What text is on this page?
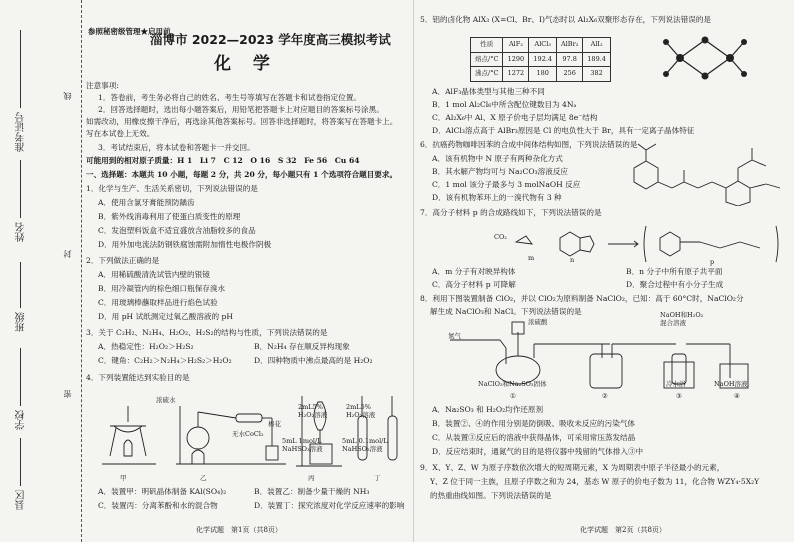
准考证号
姓名
班级
学校
县区
线
封
密
参照秘密级管理★启用前
淄博市 2022—2023 学年度高三模拟考试
化 学
注意事项:
1．答卷前，考生务必将自己的姓名、考生号等填写在答题卡和试卷指定位置。
2．回答选择题时，选出每小题答案后，用铅笔把答题卡上对应题目的答案标号涂黑。
如需改动，用橡皮擦干净后，再选涂其他答案标号。回答非选择题时，将答案写在答题卡上。
写在本试卷上无效。
3．考试结束后，将本试卷和答题卡一并交回。
可能用到的相对原子质量：H 1　Li 7　C 12　O 16　S 32　Fe 56　Cu 64
一、选择题：本题共 10 小题，每题 2 分，共 20 分，每小题只有 1 个选项符合题目要求。
1．化学与生产、生活关系密切，下列说法错误的是
A．使用含氯牙膏能预防龋齿
B．紫外线消毒利用了使蛋白质变性的原理
C．发泡塑料饭盒不适宜盛放含油脂较多的食品
D．用外加电流法防钢铁腐蚀需附加惰性电极作阴极
2．下列做法正确的是
A．用稀硫酸清洗试管内壁的银镜
B．用冷凝管内的棕色细口瓶保存溴水
C．用玻璃棒蘸取样品进行焰色试验
D．用 pH 试纸测定过氧乙酸溶液的 pH
3．关于 C₂H₂、N₂H₄、H₂O₂、H₂S₂的结构与性质，下列说法错误的是
A．热稳定性：H₂O₂＞H₂S₂	B．N₂H₄ 存在顺反异构现象
C．键角：C₂H₂＞N₂H₄＞H₂S₂＞H₂O₂	D．四种物质中沸点最高的是 H₂O₂
4．下列装置能达到实验目的是
浓硫水
棉花
无水CoCl₂
2mL5%
H₂O₂溶液
2mL5%
H₂O₂溶液
5mL 1mol/L
NaHSO₃溶液
5mL 0.1mol/L
NaHSO₃溶液
甲	乙	丙	丁
A．装置甲：明矾晶体制备 KAl(SO₄)₂	B．装置乙：制备少量干燥的 NH₃
C．装置丙：分离苯酚和水的混合物	D．装置丁：探究浓度对化学反应速率的影响
化学试题　第1页（共8页）
5．铝的卤化物 AlX₃ (X=Cl、Br、I)气态时以 Al₂X₆双聚形态存在，下列说法错误的是
性质	AlF₃	AlCl₃	AlBr₃	AlI₃
熔点/°C	1290	192.4	97.8	189.4
沸点/°C	1272	180	256	382
A．AlF₃晶体类型与其他三种不同
B．1 mol Al₂Cl₆中所含配位键数目为 4Nₐ
C．Al₂X₆中 Al、X 原子价电子层均满足 8e⁻结构
D．AlCl₃溶点高于 AlBr₃原因是 Cl 的电负性大于 Br，具有一定离子晶体特征
6．抗癌药物咖啡因苯的合成中间体结构如图，下列说法错误的是
A．该有机物中 N 原子有两种杂化方式
B．其水解产物均可与 Na₂CO₃溶液反应
C．1 mol 该分子最多与 3 molNaOH 反应
D．该有机物苯环上的一溴代物有 3 种
7．高分子材料 p 的合成路线如下，下列说法错误的是
CO₂
m	n	p
A．m 分子有对映异构体	B．n 分子中所有原子共平面
C．高分子材料 p 可降解	D．聚合过程中有小分子生成
8．利用下图装置制备 ClO₂，并以 ClO₂为原料制备 NaClO₂，已知：高于 60°C时，NaClO₂分
解生成 NaClO₃和 NaCl。下列说法错误的是
氮气
浓硫酸
NaClO₃和Na₂SO₃固体
NaOH和H₂O₂
混合溶液
冷水浴	NaOH溶液
①	②	③	④
A．Na₂SO₃ 和 H₂O₂均作还原剂
B．装置②、④的作用分别是防倒吸、吸收未反应的污染气体
C．从装置③反应后的溶液中获得晶体，可采用常压蒸发结晶
D．反应结束时，通氮气的目的是将仪器中残留的气体排入③中
9．X、Y、Z、W 为原子序数依次增大的短周期元素，X 为周期表中原子半径最小的元素，
Y、Z 位于同一主族，且原子序数之和为 24，基态 W 原子的价电子数为 11，化合物 WZY₄·5X₂Y
的热重曲线如图。下列说法错误的是
化学试题　第2页（共8页）
